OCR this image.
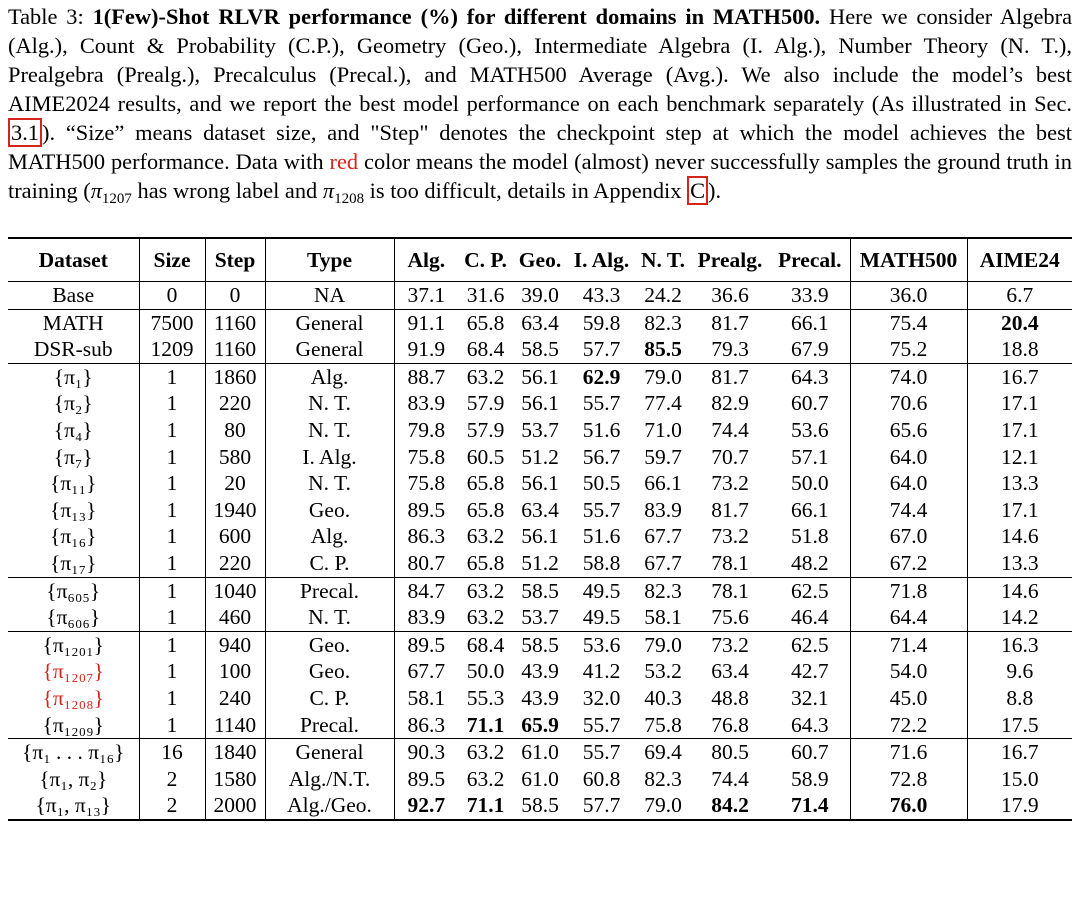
Table 3: 1(Few)-Shot RLVR performance (%) for different domains in MATH500. Here we consider Algebra (Alg.), Count & Probability (C.P.), Geometry (Geo.), Intermediate Algebra (I. Alg.), Number Theory (N. T.), Prealgebra (Prealg.), Precalculus (Precal.), and MATH500 Average (Avg.). We also include the model’s best AIME2024 results, and we report the best model performance on each benchmark separately (As illustrated in Sec. 3.1 ). “Size” means dataset size, and "Step" denotes the checkpoint step at which the model achieves the best MATH500 performance. Data with red color means the model (almost) never successfully samples the ground truth in training ($\pi_{1207}$ has wrong label and $\pi_{1208}$ is too difficult, details in Appendix C ).
Dataset	Size	Step	Type	Alg.	C. P.	Geo.	I. Alg.	N. T.	Prealg.	Precal.	MATH500	AIME24
Base	0	0	NA	37.1	31.6	39.0	43.3	24.2	36.6	33.9	36.0	6.7
MATH	7500	1160	General	91.1	65.8	63.4	59.8	82.3	81.7	66.1	75.4	20.4
DSR-sub	1209	1160	General	91.9	68.4	58.5	57.7	85.5	79.3	67.9	75.2	18.8
{π₁}	1	1860	Alg.	88.7	63.2	56.1	62.9	79.0	81.7	64.3	74.0	16.7
{π₂}	1	220	N. T.	83.9	57.9	56.1	55.7	77.4	82.9	60.7	70.6	17.1
{π₄}	1	80	N. T.	79.8	57.9	53.7	51.6	71.0	74.4	53.6	65.6	17.1
{π₇}	1	580	I. Alg.	75.8	60.5	51.2	56.7	59.7	70.7	57.1	64.0	12.1
{π₁₁}	1	20	N. T.	75.8	65.8	56.1	50.5	66.1	73.2	50.0	64.0	13.3
{π₁₃}	1	1940	Geo.	89.5	65.8	63.4	55.7	83.9	81.7	66.1	74.4	17.1
{π₁₆}	1	600	Alg.	86.3	63.2	56.1	51.6	67.7	73.2	51.8	67.0	14.6
{π₁₇}	1	220	C. P.	80.7	65.8	51.2	58.8	67.7	78.1	48.2	67.2	13.3
{π₆₀₅}	1	1040	Precal.	84.7	63.2	58.5	49.5	82.3	78.1	62.5	71.8	14.6
{π₆₀₆}	1	460	N. T.	83.9	63.2	53.7	49.5	58.1	75.6	46.4	64.4	14.2
{π₁₂₀₁}	1	940	Geo.	89.5	68.4	58.5	53.6	79.0	73.2	62.5	71.4	16.3
{π₁₂₀₇}	1	100	Geo.	67.7	50.0	43.9	41.2	53.2	63.4	42.7	54.0	9.6
{π₁₂₀₈}	1	240	C. P.	58.1	55.3	43.9	32.0	40.3	48.8	32.1	45.0	8.8
{π₁₂₀₉}	1	1140	Precal.	86.3	71.1	65.9	55.7	75.8	76.8	64.3	72.2	17.5
{π₁ . . . π₁₆}	16	1840	General	90.3	63.2	61.0	55.7	69.4	80.5	60.7	71.6	16.7
{π₁, π₂}	2	1580	Alg./N.T.	89.5	63.2	61.0	60.8	82.3	74.4	58.9	72.8	15.0
{π₁, π₁₃}	2	2000	Alg./Geo.	92.7	71.1	58.5	57.7	79.0	84.2	71.4	76.0	17.9
